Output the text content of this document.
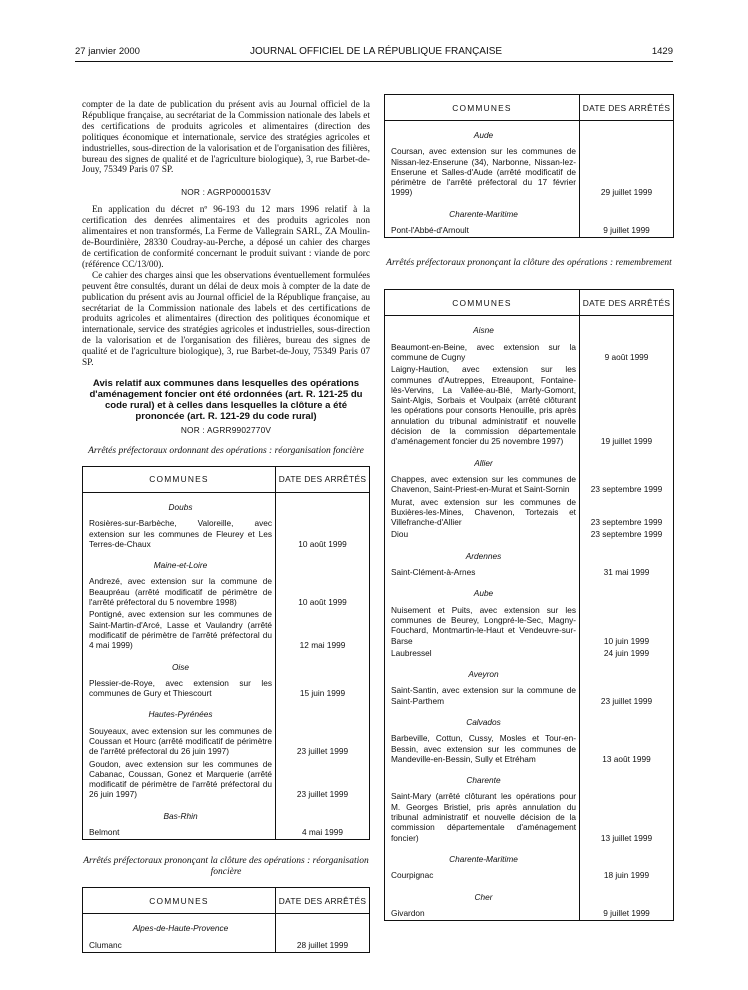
27 janvier 2000	JOURNAL OFFICIEL DE LA RÉPUBLIQUE FRANÇAISE	1429

compter de la date de publication du présent avis au Journal officiel de la République française, au secrétariat de la Commission nationale des labels et des certifications de produits agricoles et alimentaires (direction des politiques économique et internationale, service des stratégies agricoles et industrielles, sous-direction de la valorisation et de l'organisation des filières, bureau des signes de qualité et de l'agriculture biologique), 3, rue Barbet-de-Jouy, 75349 Paris 07 SP.

NOR : AGRP0000153V

En application du décret nº 96-193 du 12 mars 1996 relatif à la certification des denrées alimentaires et des produits agricoles non alimentaires et non transformés, La Ferme de Vallegrain SARL, ZA Moulin-de-Bourdinière, 28330 Coudray-au-Perche, a déposé un cahier des charges de certification de conformité concernant le produit suivant : viande de porc (référence CC/13/00).

Ce cahier des charges ainsi que les observations éventuellement formulées peuvent être consultés, durant un délai de deux mois à compter de la date de publication du présent avis au Journal officiel de la République française, au secrétariat de la Commission nationale des labels et des certifications de produits agricoles et alimentaires (direction des politiques économique et internationale, service des stratégies agricoles et industrielles, sous-direction de la valorisation et de l'organisation des filières, bureau des signes de qualité et de l'agriculture biologique), 3, rue Barbet-de-Jouy, 75349 Paris 07 SP.

Avis relatif aux communes dans lesquelles des opérations d'aménagement foncier ont été ordonnées (art. R. 121-25 du code rural) et à celles dans lesquelles la clôture a été prononcée (art. R. 121-29 du code rural)
NOR : AGRR9902770V
Arrêtés préfectoraux ordonnant des opérations : réorganisation foncière
COMMUNES	DATE DES ARRÊTÉS
Doubs	
Rosières-sur-Barbèche, Valoreille, avec extension sur les communes de Fleurey et Les Terres-de-Chaux	10 août 1999
Maine-et-Loire	
Andrezé, avec extension sur la commune de Beaupréau (arrêté modificatif de périmètre de l'arrêté préfectoral du 5 novembre 1998)	10 août 1999
Pontigné, avec extension sur les communes de Saint-Martin-d'Arcé, Lasse et Vaulandry (arrêté modificatif de périmètre de l'arrêté préfectoral du 4 mai 1999)	12 mai 1999
Oise	
Plessier-de-Roye, avec extension sur les communes de Gury et Thiescourt	15 juin 1999
Hautes-Pyrénées	
Souyeaux, avec extension sur les communes de Coussan et Hourc (arrêté modificatif de périmètre de l'arrêté préfectoral du 26 juin 1997)	23 juillet 1999
Goudon, avec extension sur les communes de Cabanac, Coussan, Gonez et Marquerie (arrêté modificatif de périmètre de l'arrêté préfectoral du 26 juin 1997)	23 juillet 1999
Bas-Rhin	
Belmont	4 mai 1999
Arrêtés préfectoraux prononçant la clôture des opérations : réorganisation foncière
COMMUNES	DATE DES ARRÊTÉS
Alpes-de-Haute-Provence	
Clumanc	28 juillet 1999
COMMUNES	DATE DES ARRÊTÉS
Aude	
Coursan, avec extension sur les communes de Nissan-lez-Enserune (34), Narbonne, Nissan-lez-Enserune et Salles-d'Aude (arrêté modificatif de périmètre de l'arrêté préfectoral du 17 février 1999)	29 juillet 1999
Charente-Maritime	
Pont-l'Abbé-d'Arnoult	9 juillet 1999
Arrêtés préfectoraux prononçant la clôture des opérations : remembrement
COMMUNES	DATE DES ARRÊTÉS
Aisne	
Beaumont-en-Beine, avec extension sur la commune de Cugny	9 août 1999
Laigny-Haution, avec extension sur les communes d'Autreppes, Etreaupont, Fontaine-lès-Vervins, La Vallée-au-Blé, Marly-Gomont, Saint-Algis, Sorbais et Voulpaix (arrêté clôturant les opérations pour consorts Henouille, pris après annulation du tribunal administratif et nouvelle décision de la commission départementale d'aménagement foncier du 25 novembre 1997)	19 juillet 1999
Allier	
Chappes, avec extension sur les communes de Chavenon, Saint-Priest-en-Murat et Saint-Sornin	23 septembre 1999
Murat, avec extension sur les communes de Buxières-les-Mines, Chavenon, Tortezais et Villefranche-d'Allier	23 septembre 1999
Diou	23 septembre 1999
Ardennes	
Saint-Clément-à-Arnes	31 mai 1999
Aube	
Nuisement et Puits, avec extension sur les communes de Beurey, Longpré-le-Sec, Magny-Fouchard, Montmartin-le-Haut et Vendeuvre-sur-Barse	10 juin 1999
Laubressel	24 juin 1999
Aveyron	
Saint-Santin, avec extension sur la commune de Saint-Parthem	23 juillet 1999
Calvados	
Barbeville, Cottun, Cussy, Mosles et Tour-en-Bessin, avec extension sur les communes de Mandeville-en-Bessin, Sully et Etréham	13 août 1999
Charente	
Saint-Mary (arrêté clôturant les opérations pour M. Georges Bristiel, pris après annulation du tribunal administratif et nouvelle décision de la commission départementale d'aménagement foncier)	13 juillet 1999
Charente-Maritime	
Courpignac	18 juin 1999
Cher	
Givardon	9 juillet 1999
